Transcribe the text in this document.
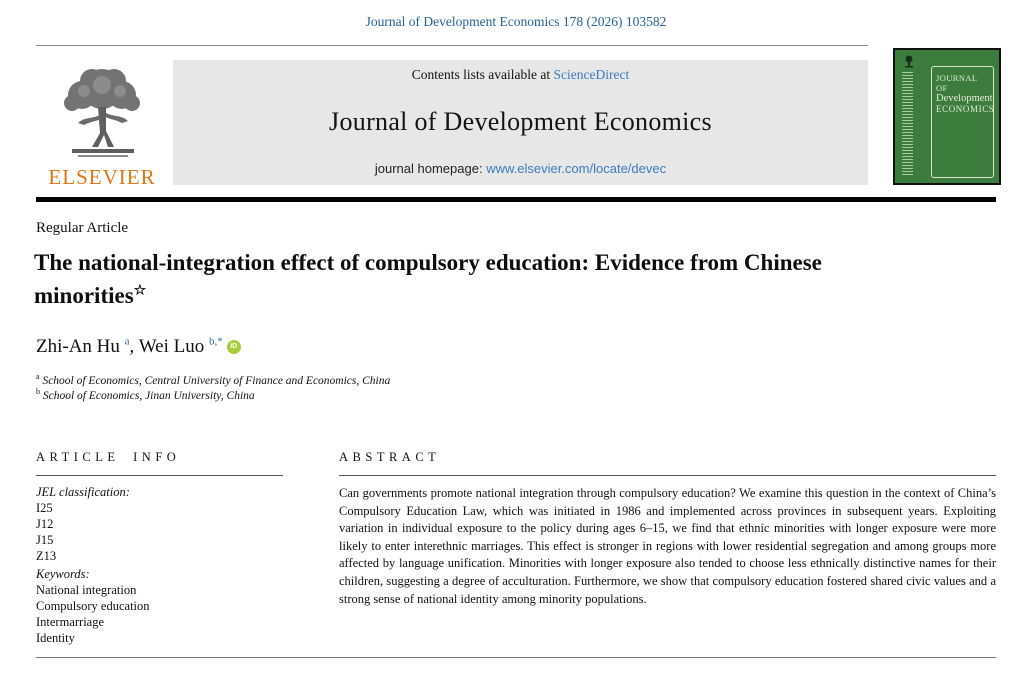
Journal of Development Economics 178 (2026) 103582
ELSEVIER
Contents lists available at ScienceDirect
Journal of Development Economics
journal homepage: www.elsevier.com/locate/devec
JOURNAL OF
Development
ECONOMICS
Regular Article
The national-integration effect of compulsory education: Evidence from Chinese minorities☆
Zhi-An Hu $^a$, Wei Luo $^{b,*}$ iD
$^a$ School of Economics, Central University of Finance and Economics, China
$^b$ School of Economics, Jinan University, China
ARTICLE INFO
JEL classification:
I25
J12
J15
Z13
Keywords:
National integration
Compulsory education
Intermarriage
Identity
ABSTRACT
Can governments promote national integration through compulsory education? We examine this question in the context of China’s Compulsory Education Law, which was initiated in 1986 and implemented across provinces in subsequent years. Exploiting variation in individual exposure to the policy during ages 6–15, we find that ethnic minorities with longer exposure were more likely to enter interethnic marriages. This effect is stronger in regions with lower residential segregation and among groups more affected by language unification. Minorities with longer exposure also tended to choose less ethnically distinctive names for their children, suggesting a degree of acculturation. Furthermore, we show that compulsory education fostered shared civic values and a strong sense of national identity among minority populations.
